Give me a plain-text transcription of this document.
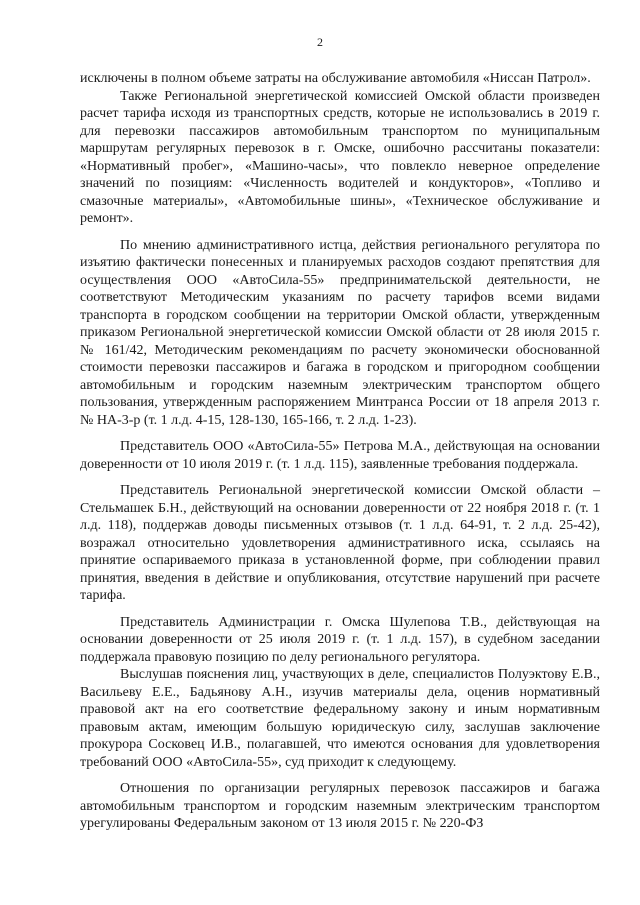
2

исключены в полном объеме затраты на обслуживание автомобиля «Ниссан Патрол».

Также Региональной энергетической комиссией Омской области произведен расчет тарифа исходя из транспортных средств, которые не использовались в 2019 г. для перевозки пассажиров автомобильным транспортом по муниципальным маршрутам регулярных перевозок в г. Омске, ошибочно рассчитаны показатели: «Нормативный пробег», «Машино-часы», что повлекло неверное определение значений по позициям: «Численность водителей и кондукторов», «Топливо и смазочные материалы», «Автомобильные шины», «Техническое обслуживание и ремонт».

По мнению административного истца, действия регионального регулятора по изъятию фактически понесенных и планируемых расходов создают препятствия для осуществления ООО «АвтоСила-55» предпринимательской деятельности, не соответствуют Методическим указаниям по расчету тарифов всеми видами транспорта в городском сообщении на территории Омской области, утвержденным приказом Региональной энергетической комиссии Омской области от 28 июля 2015 г. № 161/42, Методическим рекомендациям по расчету экономически обоснованной стоимости перевозки пассажиров и багажа в городском и пригородном сообщении автомобильным и городским наземным электрическим транспортом общего пользования, утвержденным распоряжением Минтранса России от 18 апреля 2013 г. № НА-3-р (т. 1 л.д. 4-15, 128-130, 165-166, т. 2 л.д. 1-23).

Представитель ООО «АвтоСила-55» Петрова М.А., действующая на основании доверенности от 10 июля 2019 г. (т. 1 л.д. 115), заявленные требования поддержала.

Представитель Региональной энергетической комиссии Омской области – Стельмашек Б.Н., действующий на основании доверенности от 22 ноября 2018 г. (т. 1 л.д. 118), поддержав доводы письменных отзывов (т. 1 л.д. 64-91, т. 2 л.д. 25-42), возражал относительно удовлетворения административного иска, ссылаясь на принятие оспариваемого приказа в установленной форме, при соблюдении правил принятия, введения в действие и опубликования, отсутствие нарушений при расчете тарифа.

Представитель Администрации г. Омска Шулепова Т.В., действующая на основании доверенности от 25 июля 2019 г. (т. 1 л.д. 157), в судебном заседании поддержала правовую позицию по делу регионального регулятора.

Выслушав пояснения лиц, участвующих в деле, специалистов Полуэктову Е.В., Васильеву Е.Е., Бадьянову А.Н., изучив материалы дела, оценив нормативный правовой акт на его соответствие федеральному закону и иным нормативным правовым актам, имеющим большую юридическую силу, заслушав заключение прокурора Сосковец И.В., полагавшей, что имеются основания для удовлетворения требований ООО «АвтоСила-55», суд приходит к следующему.

Отношения по организации регулярных перевозок пассажиров и багажа автомобильным транспортом и городским наземным электрическим транспортом урегулированы Федеральным законом от 13 июля 2015 г. № 220-ФЗ
